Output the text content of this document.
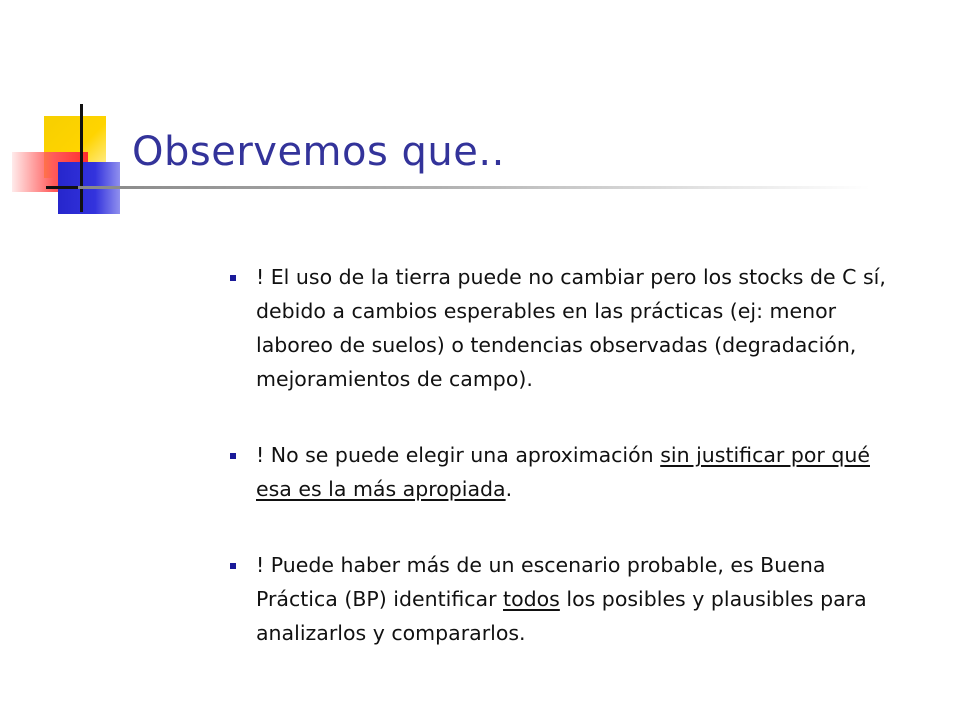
Observemos que..
! El uso de la tierra puede no cambiar pero los stocks de C sí, debido a cambios esperables en las prácticas (ej: menor laboreo de suelos) o tendencias observadas (degradación, mejoramientos de campo).
! No se puede elegir una aproximación sin justificar por qué esa es la más apropiada.
! Puede haber más de un escenario probable, es Buena Práctica (BP) identificar todos los posibles y plausibles para analizarlos y compararlos.
